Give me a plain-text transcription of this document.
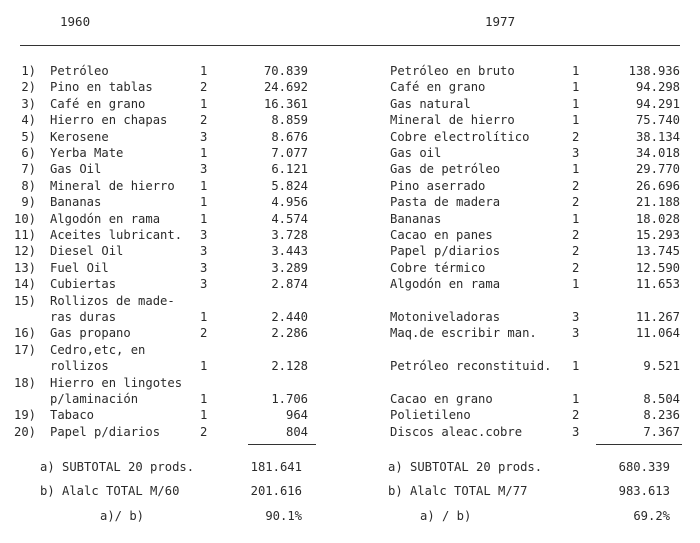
1960	1977
1) Petróleo	1	70.839
2) Pino en tablas	2	24.692
3) Café en grano	1	16.361
4) Hierro en chapas	2	8.859
5) Kerosene	3	8.676
6) Yerba Mate	1	7.077
7) Gas Oil	3	6.121
8) Mineral de hierro 1	5.824
9) Bananas	1	4.956
10) Algodón en rama	1	4.574
11) Aceites lubricant. 3	3.728
12) Diesel Oil	3	3.443
13) Fuel Oil	3	3.289
14) Cubiertas	3	2.874
15) Rollizos de made-
ras duras	1	2.440
16) Gas propano	2	2.286
17) Cedro,etc, en
rollizos	1	2.128
18) Hierro en lingotes
p/laminación	1	1.706
19) Tabaco	1	964
20) Papel p/diarios	2	804
Petróleo en bruto	1	138.936
Café en grano	1	94.298
Gas natural	1	94.291
Mineral de hierro	1	75.740
Cobre electrolítico	2	38.134
Gas oil	3	34.018
Gas de petróleo	1	29.770
Pino aserrado	2	26.696
Pasta de madera	2	21.188
Bananas	1	18.028
Cacao en panes	2	15.293
Papel p/diarios	2	13.745
Cobre térmico	2	12.590
Algodón en rama	1	11.653
Motoniveladoras	3	11.267
Maq.de escribir man.	3	11.064
Petróleo reconstituid. 1	9.521
Cacao en grano	1	8.504
Polietileno	2	8.236
Discos aleac.cobre	3	7.367
a) SUBTOTAL 20 prods.	181.641
b) Alalc TOTAL M/60	201.616
a)/ b)	90.1%
a) SUBTOTAL 20 prods.	680.339
b) Alalc TOTAL M/77	983.613
a) / b)	69.2%
